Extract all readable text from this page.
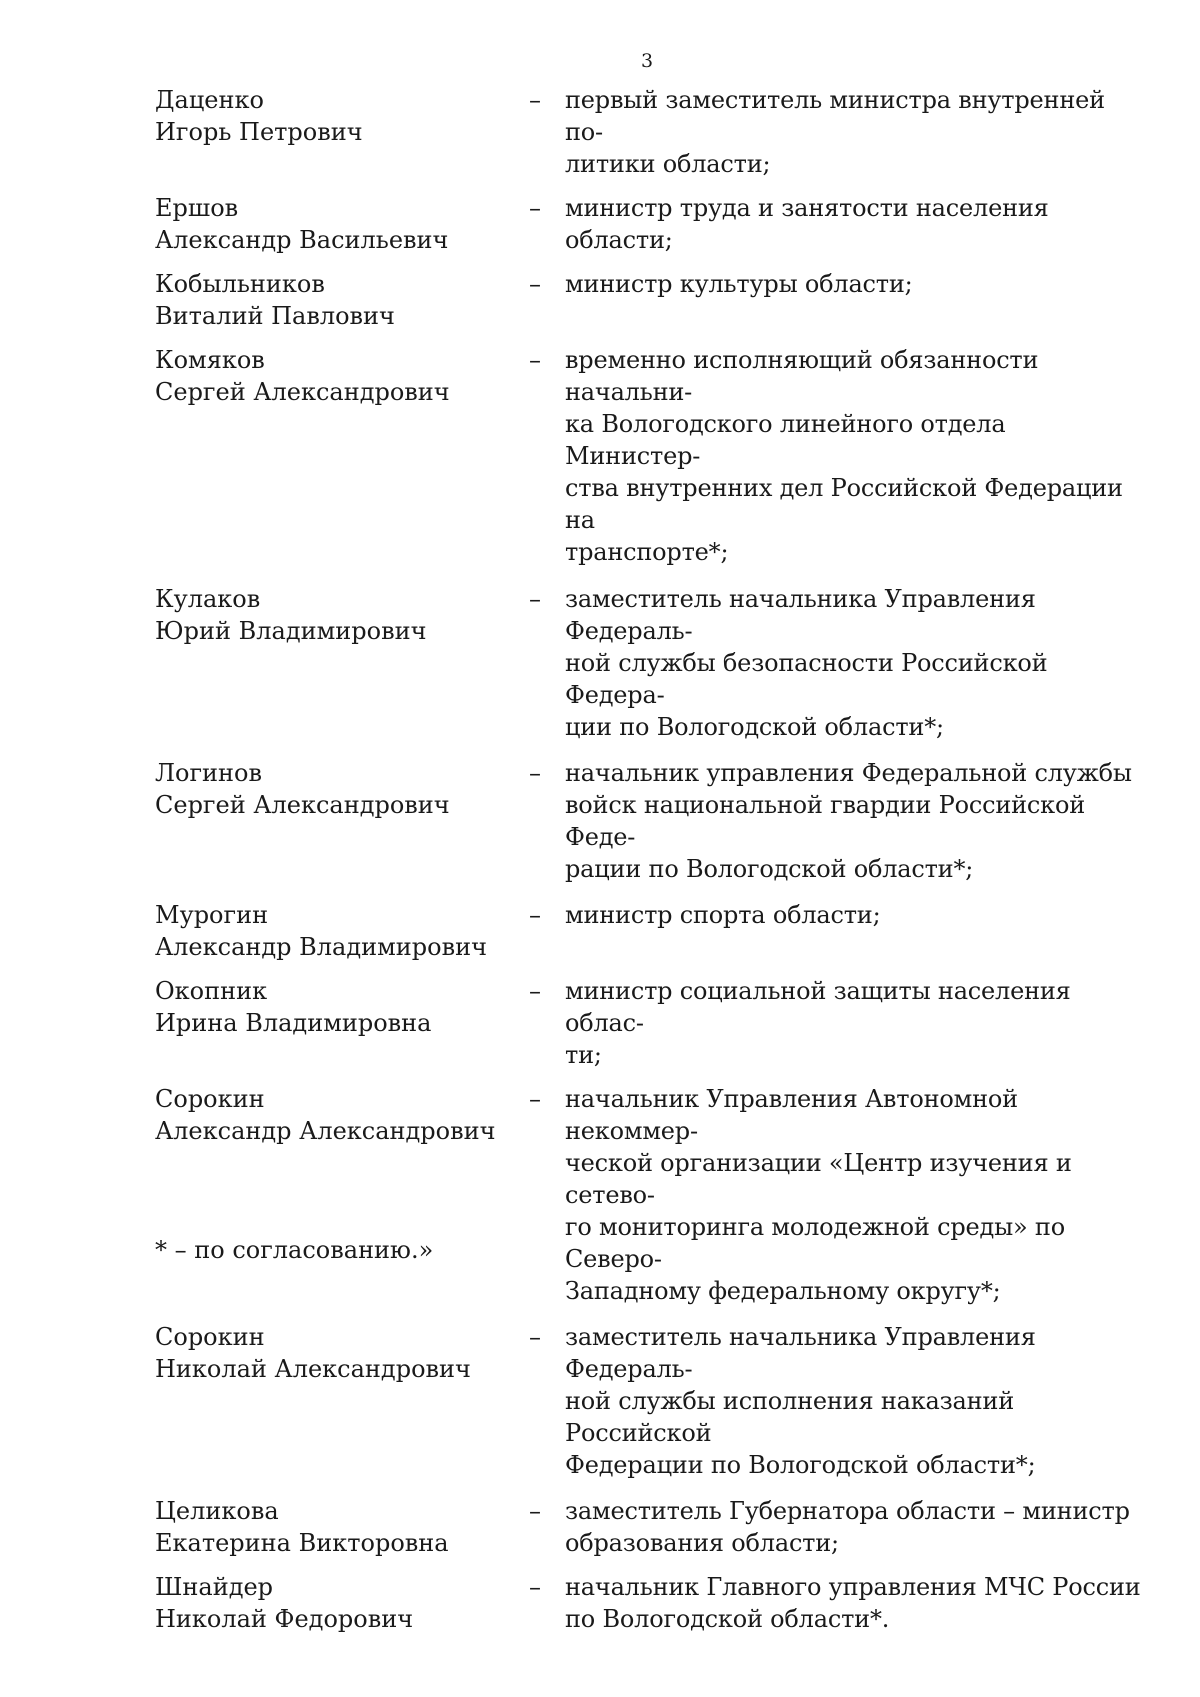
3
Даценко
Игорь Петрович
–	первый заместитель министра внутренней по-
литики области;
Ершов
Александр Васильевич
–	министр труда и занятости населения области;
Кобыльников
Виталий Павлович
–	министр культуры области;
Комяков
Сергей Александрович
–	временно исполняющий обязанности начальни-
ка Вологодского линейного отдела Министер-
ства внутренних дел Российской Федерации на
транспорте*;
Кулаков
Юрий Владимирович
–	заместитель начальника Управления Федераль-
ной службы безопасности Российской Федера-
ции по Вологодской области*;
Логинов
Сергей Александрович
–	начальник управления Федеральной службы
войск национальной гвардии Российской Феде-
рации по Вологодской области*;
Мурогин
Александр Владимирович
–	министр спорта области;
Окопник
Ирина Владимировна
–	министр социальной защиты населения облас-
ти;
Сорокин
Александр Александрович
–	начальник Управления Автономной некоммер-
ческой организации «Центр изучения и сетево-
го мониторинга молодежной среды» по Северо-
Западному федеральному округу*;
Сорокин
Николай Александрович
–	заместитель начальника Управления Федераль-
ной службы исполнения наказаний Российской
Федерации по Вологодской области*;
Целикова
Екатерина Викторовна
–	заместитель Губернатора области – министр
образования области;
Шнайдер
Николай Федорович
–	начальник Главного управления МЧС России
по Вологодской области*.
* – по согласованию.»
